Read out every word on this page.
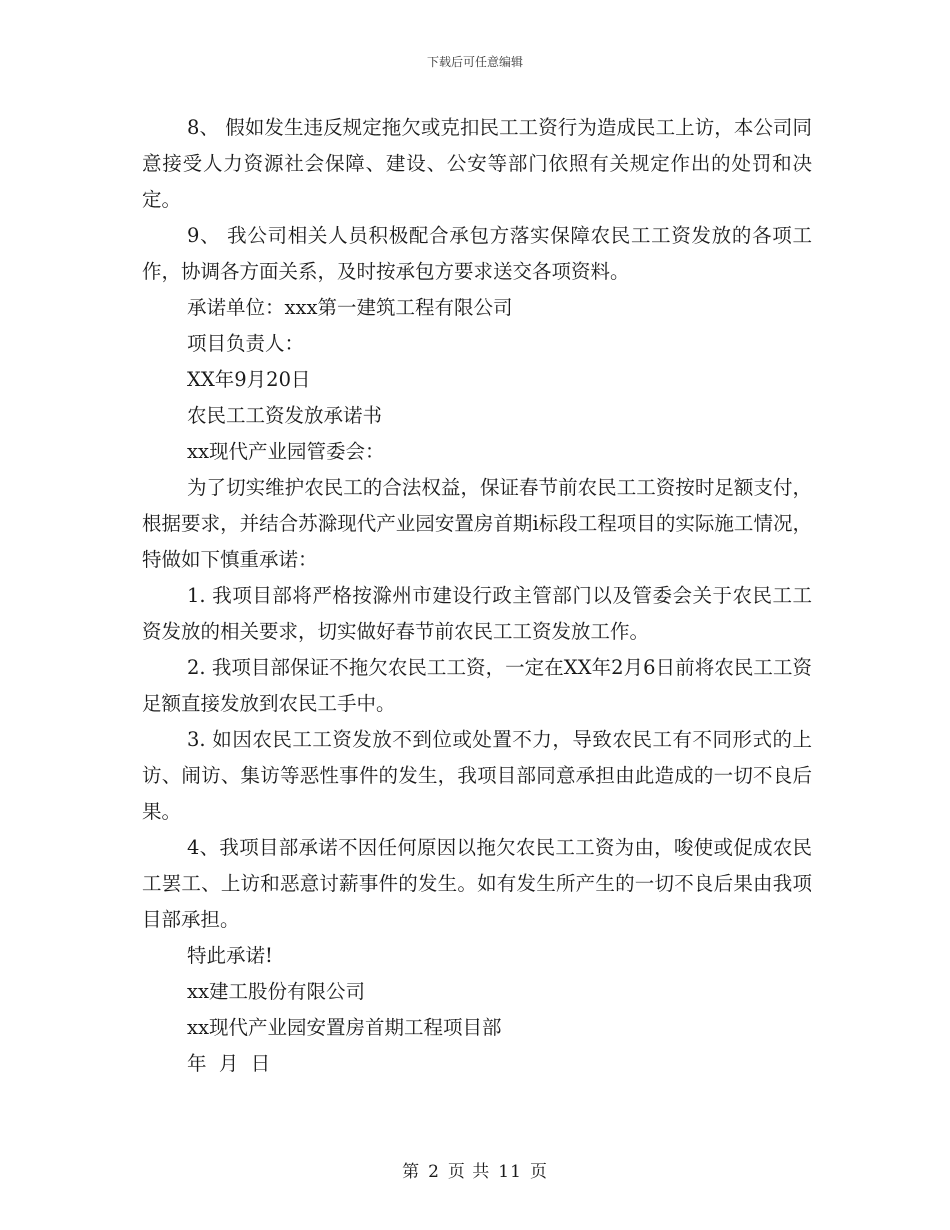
下载后可任意编辑

8、 假如发生违反规定拖欠或克扣民工工资行为造成民工上访，本公司同意接受人力资源社会保障、建设、公安等部门依照有关规定作出的处罚和决定。

9、 我公司相关人员积极配合承包方落实保障农民工工资发放的各项工作，协调各方面关系，及时按承包方要求送交各项资料。

承诺单位：xxx第一建筑工程有限公司

项目负责人：

XX年9月20日

农民工工资发放承诺书

xx现代产业园管委会：

为了切实维护农民工的合法权益，保证春节前农民工工资按时足额支付，根据要求，并结合苏滁现代产业园安置房首期i标段工程项目的实际施工情况，特做如下慎重承诺：

1. 我项目部将严格按滁州市建设行政主管部门以及管委会关于农民工工资发放的相关要求，切实做好春节前农民工工资发放工作。

2. 我项目部保证不拖欠农民工工资，一定在XX年2月6日前将农民工工资足额直接发放到农民工手中。

3. 如因农民工工资发放不到位或处置不力，导致农民工有不同形式的上访、闹访、集访等恶性事件的发生，我项目部同意承担由此造成的一切不良后果。

4、我项目部承诺不因任何原因以拖欠农民工工资为由，唆使或促成农民工罢工、上访和恶意讨薪事件的发生。如有发生所产生的一切不良后果由我项目部承担。

特此承诺!

xx建工股份有限公司

xx现代产业园安置房首期工程项目部

年  月  日

第 2 页 共 11 页
